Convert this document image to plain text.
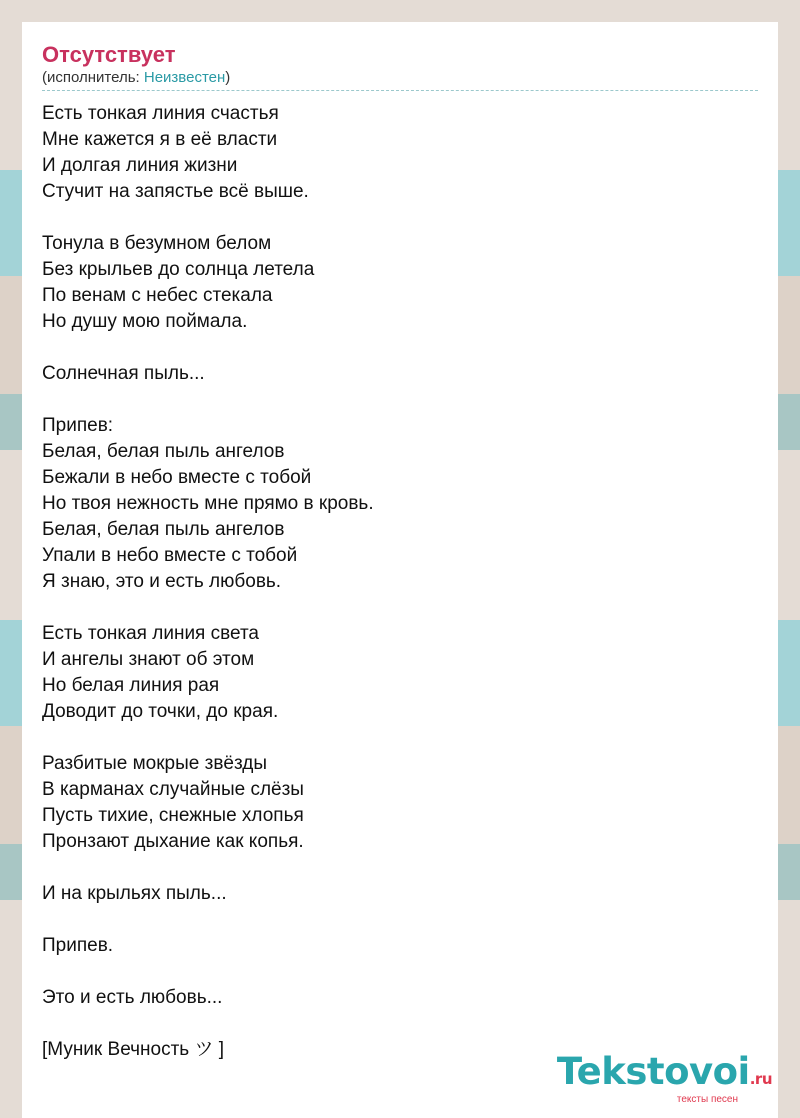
Отсутствует
(исполнитель: Неизвестен)
Есть тонкая линия счастья
Мне кажется я в её власти
И долгая линия жизни
Стучит на запястье всё выше.
Тонула в безумном белом
Без крыльев до солнца летела
По венам с небес стекала
Но душу мою поймала.
Солнечная пыль...
Припев:
Белая, белая пыль ангелов
Бежали в небо вместе с тобой
Но твоя нежность мне прямо в кровь.
Белая, белая пыль ангелов
Упали в небо вместе с тобой
Я знаю, это и есть любовь.
Есть тонкая линия света
И ангелы знают об этом
Но белая линия рая
Доводит до точки, до края.
Разбитые мокрые звёзды
В карманах случайные слёзы
Пусть тихие, снежные хлопья
Пронзают дыхание как копья.
И на крыльях пыль...
Припев.
Это и есть любовь...
[Муник Вечность ツ ]
Tekstovoi.ru
тексты песен
